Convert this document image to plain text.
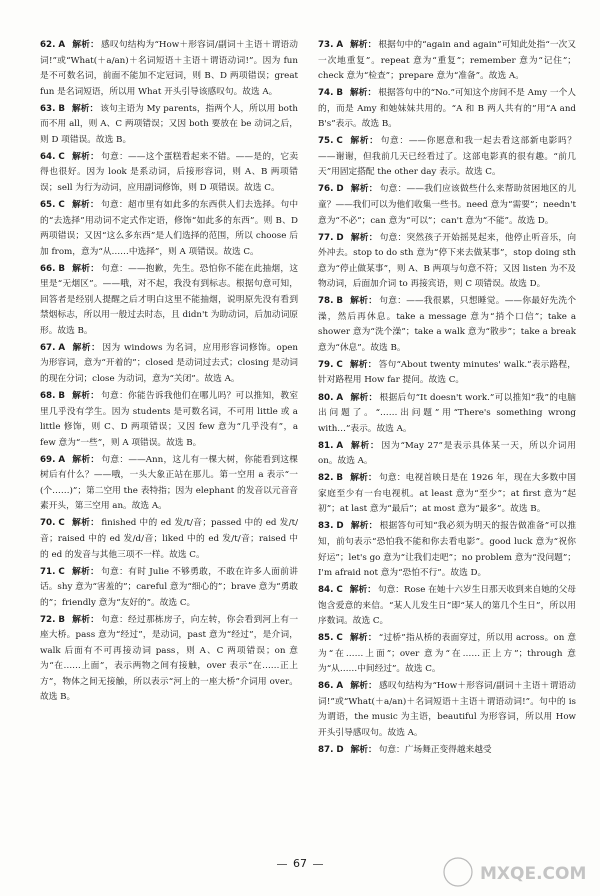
62. A 解析： 感叹句结构为“How＋形容词/副词＋主语＋谓语动词!”或“What(＋a/an)＋名词短语＋主语＋谓语动词!”。因为 fun 是不可数名词，前面不能加不定冠词，则 B、D 两项错误；great fun 是名词短语，所以用 What 开头引导该感叹句。故选 A。
63. B 解析： 该句主语为 My parents，指两个人，所以用 both 而不用 all，则 A、C 两项错误；又因 both 要放在 be 动词之后，则 D 项错误。故选 B。
64. C 解析： 句意：——这个蛋糕看起来不错。——是的，它卖得也很好。因为 look 是系动词，后接形容词，则 A、B 两项错误；sell 为行为动词，应用副词修饰，则 D 项错误。故选 C。
65. C 解析： 句意：超市里有如此多的东西供人们去选择。句中的“去选择”用动词不定式作定语，修饰“如此多的东西”。则 B、D 两项错误；又因“这么多东西”是人们选择的范围，所以 choose 后加 from，意为“从……中选择”，则 A 项错误。故选 C。
66. B 解析： 句意：——抱歉，先生。恐怕你不能在此抽烟，这里是“无烟区”。——哦，对不起，我没有到标志。根据句意可知，回答者是经别人提醒之后才明白这里不能抽烟，说明原先没有看到禁烟标志，所以用一般过去时态，且 didn't 为助动词，后加动词原形。故选 B。
67. A 解析： 因为 windows 为名词，应用形容词修饰。open 为形容词，意为“开着的”；closed 是动词过去式；closing 是动词的现在分词；close 为动词，意为“关闭”。故选 A。
68. B 解析： 句意：你能告诉我他们在哪儿吗？可以推知，教室里几乎没有学生。因为 students 是可数名词，不可用 little 或 a little 修饰，则 C、D 两项错误；又因 few 意为“几乎没有”，a few 意为“一些”，则 A 项错误。故选 B。
69. A 解析： 句意：——Ann，这儿有一棵大树，你能看到这棵树后有什么？——哦，一头大象正站在那儿。第一空用 a 表示“一(个……)”；第二空用 the 表特指；因为 elephant 的发音以元音音素开头，第三空用 an。故选 A。
70. C 解析： finished 中的 ed 发/t/音；passed 中的 ed 发/t/音；raised 中的 ed 发/d/音；liked 中的 ed 发/t/音；raised 中的 ed 的发音与其他三项不一样。故选 C。
71. C 解析： 句意：有时 Julie 不够勇敢，不敢在许多人面前讲话。shy 意为“害羞的”；careful 意为“细心的”；brave 意为“勇敢的”；friendly 意为“友好的”。故选 C。
72. B 解析： 句意：经过那栋房子，向左转，你会看到河上有一座大桥。pass 意为“经过”，是动词，past 意为“经过”，是介词，walk 后面有不可再接动词 pass，则 A、C 两项错误；on 意为“在……上面”，表示两物之间有接触，over 表示“在……正上方”，物体之间无接触，所以表示“河上的一座大桥”介词用 over。故选 B。
73. A 解析： 根据句中的“again and again”可知此处指“一次又一次地重复”。repeat 意为“重复”；remember 意为“记住”；check 意为“检查”；prepare 意为“准备”。故选 A。
74. B 解析： 根据答句中的“No.”可知这个房间不是 Amy 一个人的，而是 Amy 和她妹妹共用的。“A 和 B 两人共有的”用“A and B's”表示。故选 B。
75. C 解析： 句意：——你愿意和我一起去看这部新电影吗？——谢谢，但我前几天已经看过了。这部电影真的很有趣。“前几天”用固定搭配 the other day 表示。故选 C。
76. D 解析： 句意：——我们应该做些什么来帮助贫困地区的儿童？——我们可以为他们收集一些书。need 意为“需要”；needn't 意为“不必”；can 意为“可以”；can't 意为“不能”。故选 D。
77. D 解析： 句意：突然孩子开始摇晃起来，他停止听音乐，向外冲去。stop to do sth 意为“停下来去做某事”，stop doing sth 意为“停止做某事”，则 A、B 两项与句意不符；又因 listen 为不及物动词，后面加介词 to 再接宾语，则 C 项错误。故选 D。
78. B 解析： 句意：——我很累，只想睡觉。——你最好先洗个澡，然后再休息。take a message 意为“捎个口信”；take a shower 意为“洗个澡”；take a walk 意为“散步”；take a break 意为“休息”。故选 B。
79. C 解析： 答句“About twenty minutes' walk.”表示路程，针对路程用 How far 提问。故选 C。
80. A 解析： 根据后句“It doesn't work.”可以推知“我”的电脑出问题了。“……出问题”用“There's something wrong with…”表示。故选 A。
81. A 解析： 因为“May 27”是表示具体某一天，所以介词用 on。故选 A。
82. B 解析： 句意：电视首映日是在 1926 年，现在大多数中国家庭至少有一台电视机。at least 意为“至少”；at first 意为“起初”；at last 意为“最后”；at most 意为“最多”。故选 B。
83. D 解析： 根据答句可知“我必须为明天的报告做准备”可以推知，前句表示“恐怕我不能和你去看电影”。good luck 意为“祝你好运”；let's go 意为“让我们走吧”；no problem 意为“没问题”；I'm afraid not 意为“恐怕不行”。故选 D。
84. C 解析： 句意：Rose 在她十六岁生日那天收到来自她的父母饱含爱意的来信。“某人儿发生日”即“某人的第几个生日”，所以用序数词。故选 C。
85. C 解析： “过桥”指从桥的表面穿过，所以用 across。on 意为“在……上面”；over 意为“在……正上方”；through 意为“从……中间经过”。故选 C。
86. A 解析： 感叹句结构为“How＋形容词/副词＋主语＋谓语动词!”或“What(＋a/an)＋名词短语＋主语＋谓语动词!”。句中的 is 为谓语，the music 为主语，beautiful 为形容词，所以用 How 开头引导感叹句。故选 A。
87. D 解析： 句意：广场舞正变得越来越受
67
MXQE.COM
